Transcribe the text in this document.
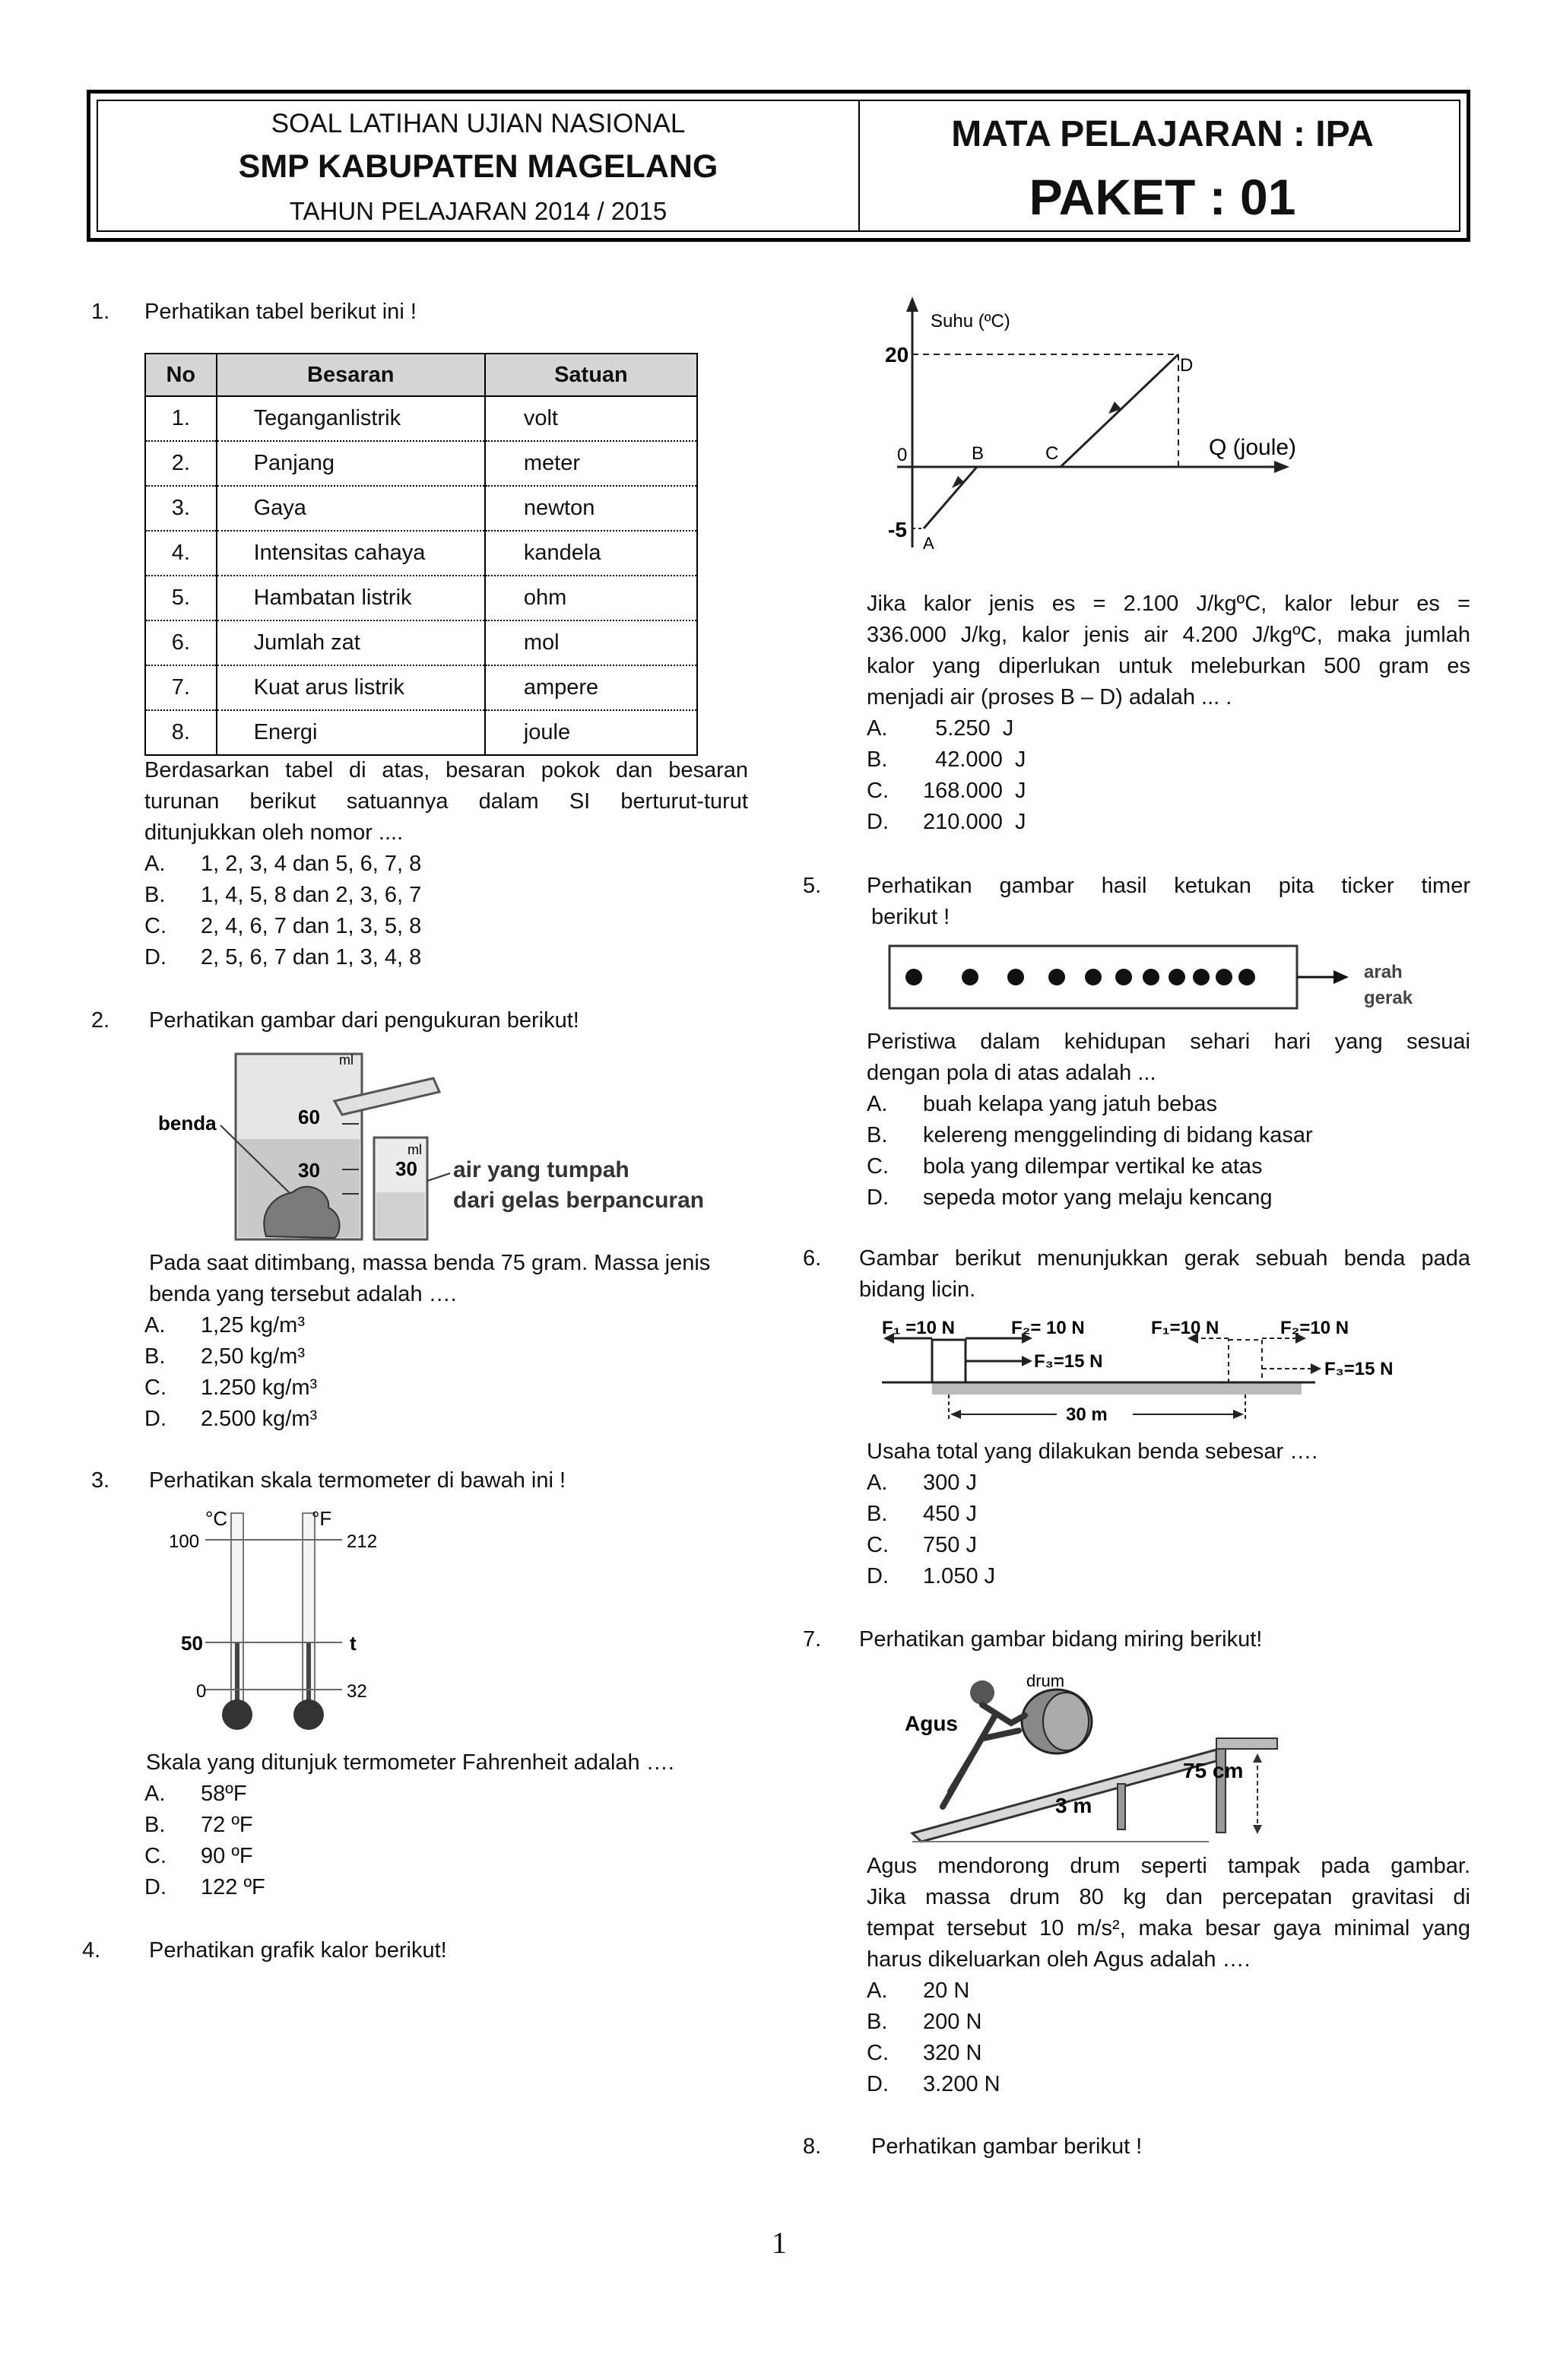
SOAL LATIHAN UJIAN NASIONAL
SMP KABUPATEN MAGELANG
TAHUN PELAJARAN 2014 / 2015
MATA PELAJARAN : IPA
PAKET : 01
1. Perhatikan tabel berikut ini !
No	Besaran	Satuan
1.	Teganganlistrik	volt
2.	Panjang	meter
3.	Gaya	newton
4.	Intensitas cahaya	kandela
5.	Hambatan listrik	ohm
6.	Jumlah zat	mol
7.	Kuat arus listrik	ampere
8.	Energi	joule
Berdasarkan tabel di atas, besaran pokok dan besaran
turunan berikut satuannya dalam SI berturut-turut
ditunjukkan oleh nomor ....
A. 1, 2, 3, 4 dan 5, 6, 7, 8
B. 1, 4, 5, 8 dan 2, 3, 6, 7
C. 2, 4, 6, 7 dan 1, 3, 5, 8
D. 2, 5, 6, 7 dan 1, 3, 4, 8
2. Perhatikan gambar dari pengukuran berikut!
benda
ml
60
30
ml
30 air yang tumpah
dari gelas berpancuran
Pada saat ditimbang, massa benda 75 gram. Massa jenis
benda yang tersebut adalah ….
A. 1,25 kg/m³
B. 2,50 kg/m³
C. 1.250 kg/m³
D. 2.500 kg/m³
3. Perhatikan skala termometer di bawah ini !
°C	°F
100	212
50	t
0	32
Skala yang ditunjuk termometer Fahrenheit adalah ….
A. 58ºF
B. 72 ºF
C. 90 ºF
D. 122 ºF
4. Perhatikan grafik kalor berikut!
Suhu (ºC)
Q (joule)
20
0
-5
A
B	C
D
Jika kalor jenis es = 2.100 J/kgºC, kalor lebur es =
336.000 J/kg, kalor jenis air 4.200 J/kgºC, maka jumlah
kalor yang diperlukan untuk meleburkan 500 gram es
menjadi air (proses B – D) adalah ... .
A.  5.250  J
B.  42.000  J
C. 168.000  J
D. 210.000  J
5. Perhatikan gambar hasil ketukan pita ticker timer
berikut !
arah
gerak
Peristiwa dalam kehidupan sehari hari yang sesuai
dengan pola di atas adalah ...
A. buah kelapa yang jatuh bebas
B. kelereng menggelinding di bidang kasar
C. bola yang dilempar vertikal ke atas
D. sepeda motor yang melaju kencang
6. Gambar berikut menunjukkan gerak sebuah benda pada
bidang licin.
F₁ =10 N	F₂= 10 N
F₃=15 N
F₁=10 N	F₂=10 N
F₃=15 N
30 m
Usaha total yang dilakukan benda sebesar ….
A. 300 J
B. 450 J
C. 750 J
D. 1.050 J
7. Perhatikan gambar bidang miring berikut!
drum
Agus
3 m
75 cm
Agus mendorong drum seperti tampak pada gambar.
Jika massa drum 80 kg dan percepatan gravitasi di
tempat tersebut 10 m/s², maka besar gaya minimal yang
harus dikeluarkan oleh Agus adalah ….
A. 20 N
B. 200 N
C. 320 N
D. 3.200 N
8. Perhatikan gambar berikut !
1
